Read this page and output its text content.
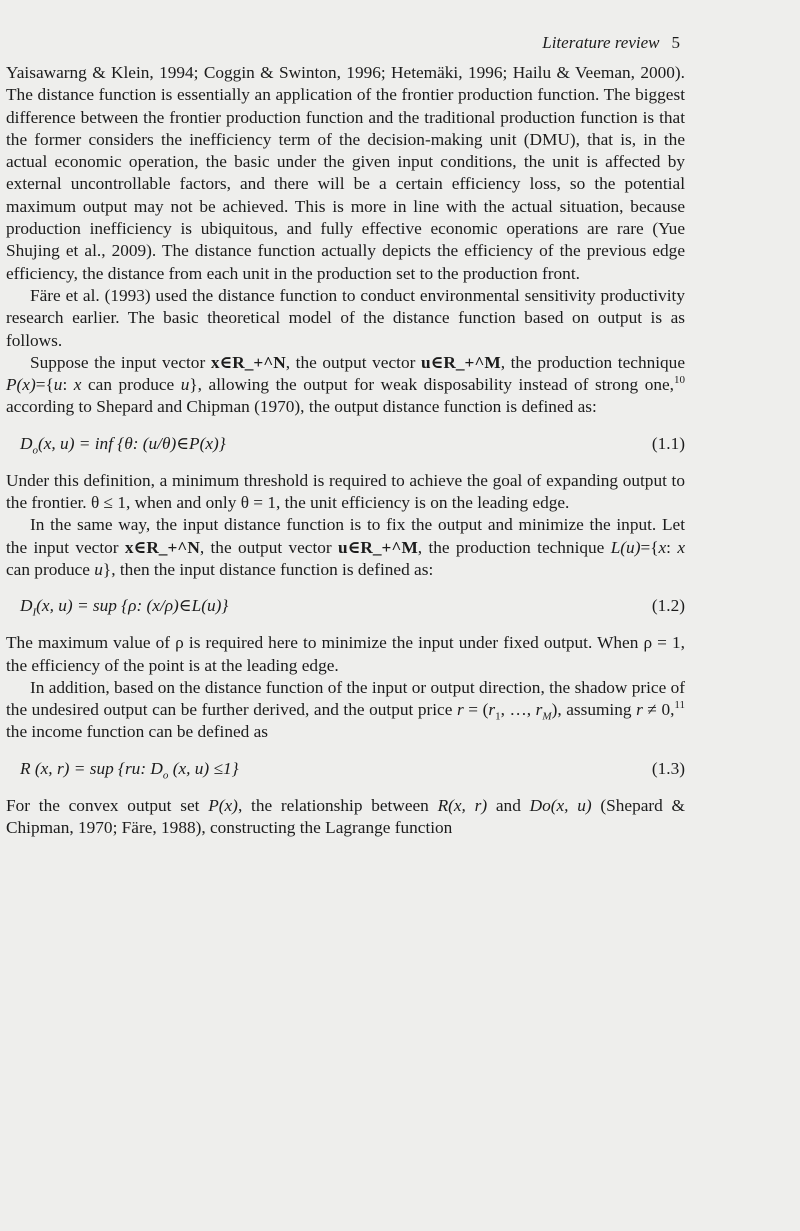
Literature review 5

Yaisawarng & Klein, 1994; Coggin & Swinton, 1996; Hetemäki, 1996; Hailu & Veeman, 2000). The distance function is essentially an application of the frontier production function. The biggest difference between the frontier production function and the traditional production function is that the former considers the inefficiency term of the decision-making unit (DMU), that is, in the actual economic operation, the basic under the given input conditions, the unit is affected by external uncontrollable factors, and there will be a certain efficiency loss, so the potential maximum output may not be achieved. This is more in line with the actual situation, because production inefficiency is ubiquitous, and fully effective economic operations are rare (Yue Shujing et al., 2009). The distance function actually depicts the efficiency of the previous edge efficiency, the distance from each unit in the production set to the production front.

Färe et al. (1993) used the distance function to conduct environmental sensitivity productivity research earlier. The basic theoretical model of the distance function based on output is as follows.

Suppose the input vector x∈R_+^N, the output vector u∈R_+^M, the production technique P(x)={u: x can produce u}, allowing the output for weak disposability instead of strong one,$^{10}$ according to Shepard and Chipman (1970), the output distance function is defined as:

$D_o(x$, u) = inf {θ: (u/θ)∈P(x)}	(1.1)

Under this definition, a minimum threshold is required to achieve the goal of expanding output to the frontier. θ ≤ 1, when and only θ = 1, the unit efficiency is on the leading edge.

In the same way, the input distance function is to fix the output and minimize the input. Let the input vector x∈R_+^N, the output vector u∈R_+^M, the production technique L(u)={x: x can produce u}, then the input distance function is defined as:

$D_I(x$, u) = sup {ρ: (x/ρ)∈L(u)}	(1.2)

The maximum value of ρ is required here to minimize the input under fixed output. When ρ = 1, the efficiency of the point is at the leading edge.

In addition, based on the distance function of the input or output direction, the shadow price of the undesired output can be further derived, and the output price $r = (r_1$, …, $r_M$), assuming r ≠ 0,11 the income function can be defined as

R (x, r) = sup {ru: $D_o$ (x, u) ≤1}	(1.3)

For the convex output set P(x), the relationship between R(x, r) and Do(x, u) (Shepard & Chipman, 1970; Färe, 1988), constructing the Lagrange function
